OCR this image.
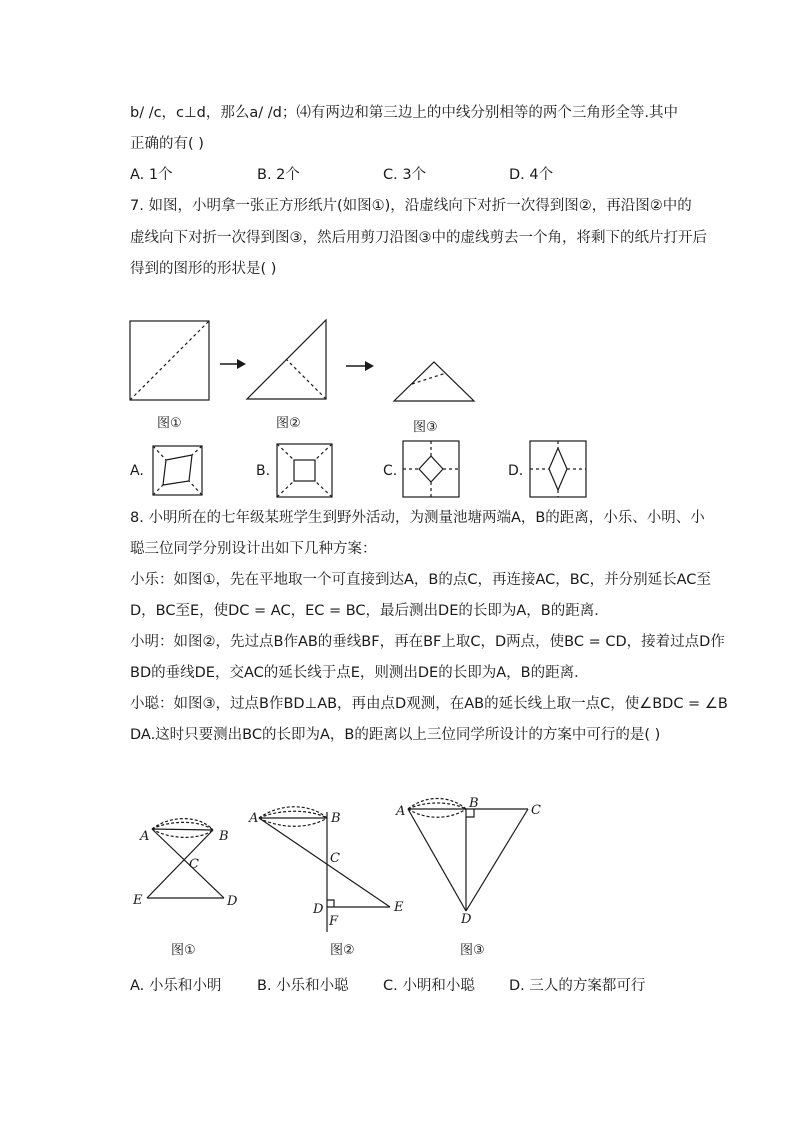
b/ /c，c⊥d，那么a/ /d；⑷有两边和第三边上的中线分别相等的两个三角形全等.其中
正确的有( )
A. 1个	B. 2个	C. 3个	D. 4个
7. 如图，小明拿一张正方形纸片(如图①)，沿虚线向下对折一次得到图②，再沿图②中的
虚线向下对折一次得到图③，然后用剪刀沿图③中的虚线剪去一个角，将剩下的纸片打开后
得到的图形的形状是( )
8. 小明所在的七年级某班学生到野外活动，为测量池塘两端A，B的距离，小乐、小明、小
聪三位同学分别设计出如下几种方案：
小乐：如图①，先在平地取一个可直接到达A，B的点C，再连接AC，BC，并分别延长AC至
D，BC至E，使DC = AC，EC = BC，最后测出DE的长即为A，B的距离．
小明：如图②，先过点B作AB的垂线BF，再在BF上取C，D两点，使BC = CD，接着过点D作
BD的垂线DE，交AC的延长线于点E，则测出DE的长即为A，B的距离．
小聪：如图③，过点B作BD⊥AB，再由点D观测，在AB的延长线上取一点C，使∠BDC = ∠B
DA.这时只要测出BC的长即为A，B的距离以上三位同学所设计的方案中可行的是( )
A. 小乐和小明 B. 小乐和小聪 C. 小明和小聪 D. 三人的方案都可行
图①	图②	图③
A.	B.	C.	D.
A	B
C
E	D
A	B
C
D
F
E
A
B	C
D
图①	图②	图③
